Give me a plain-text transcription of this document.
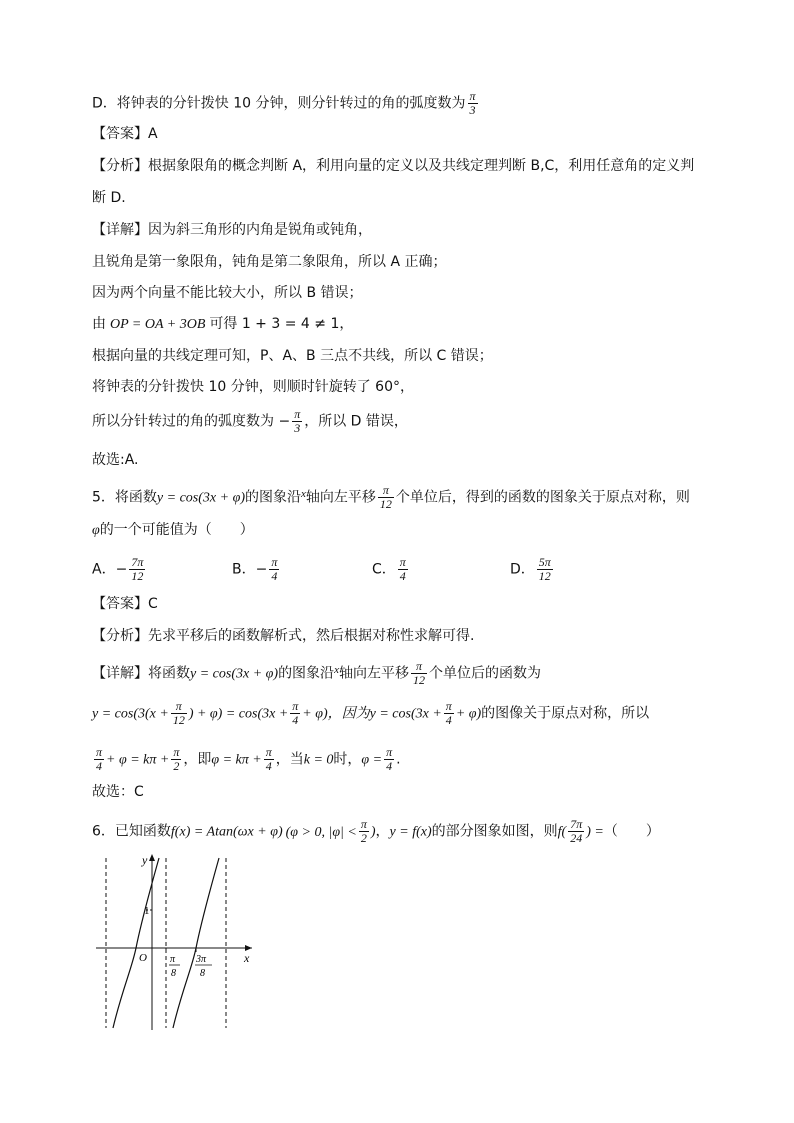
D．将钟表的分针拨快 10 分钟，则分针转过的角的弧度数为 $\frac{\pi}{3}$
【答案】A
【分析】根据象限角的概念判断 A，利用向量的定义以及共线定理判断 B,C，利用任意角的定义判
断 D.
【详解】因为斜三角形的内角是锐角或钝角，
且锐角是第一象限角，钝角是第二象限角，所以 A 正确；
因为两个向量不能比较大小，所以 B 错误；
由 OP = OA + 3OB 可得 1 + 3 = 4 ≠ 1，
根据向量的共线定理可知，P、A、B 三点不共线，所以 C 错误；
将钟表的分针拨快 10 分钟，则顺时针旋转了 60°，
所以分针转过的角的弧度数为 − $\frac{\pi}{3}$ ，所以 D 错误，
故选:A.
5．将函数y = cos(3x + φ)的图象沿$^x$轴向左平移 $\frac{\pi}{12}$ 个单位后，得到的函数的图象关于原点对称，则
φ的一个可能值为（　　）
A．− $\frac{7\pi}{12}$	B．− $\frac{\pi}{4}$	C． $\frac{\pi}{4}$	D． $\frac{5\pi}{12}$
【答案】C
【分析】先求平移后的函数解析式，然后根据对称性求解可得.
【详解】将函数y = cos(3x + φ)的图象沿$^x$轴向左平移 $\frac{\pi}{12}$ 个单位后的函数为
$y = \cos(3(x + \frac{\pi}{12}$ ) + $\varphi) = \cos(3x + \frac{\pi}{4} + \varphi)$，因为$y = \cos(3x + \frac{\pi}{4} + \varphi)$的图像关于原点对称，所以
$\frac{\pi}{4} + \varphi = k\pi + \frac{\pi}{2}$ ，即$\varphi = k\pi + \frac{\pi}{4}$ ，当k = 0时，$\varphi = \frac{\pi}{4}$ .
故选：C
6．已知函数f(x) = Atan(ωx + φ) (φ > 0, $|\varphi| < \frac{\pi}{2}$ )，y = f(x)的部分图象如图，则$f( \frac{7\pi}{24}$ ) =（　　）
y
x
O
1
π
8
3π
8
